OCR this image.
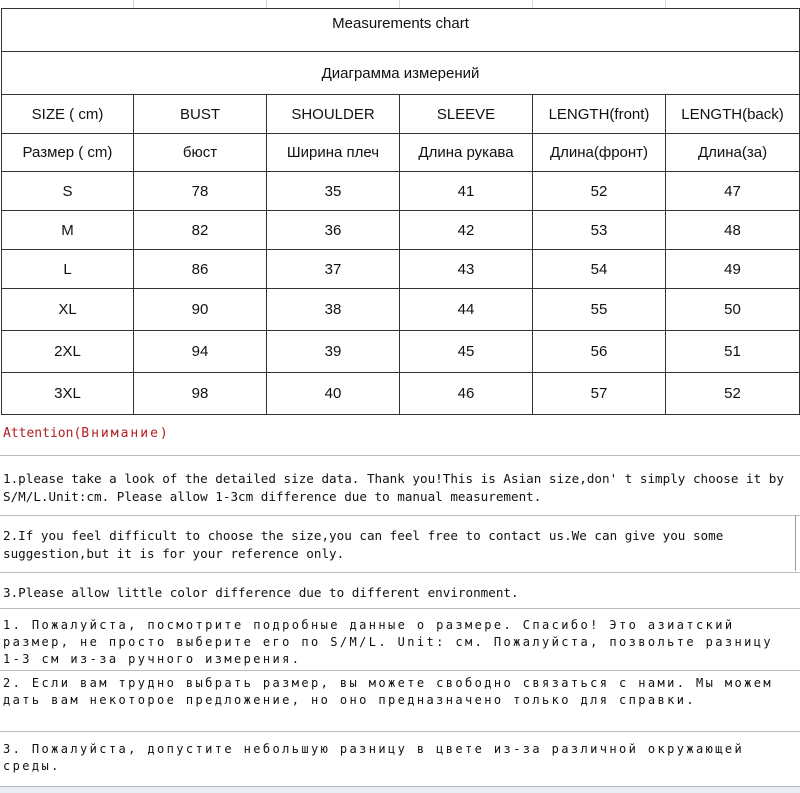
Measurements chart					
Диаграмма измерений					
SIZE ( cm)	BUST	SHOULDER	SLEEVE	LENGTH(front)	LENGTH(back)
Размер ( cm)	бюст	Ширина плеч	Длина рукава	Длина(фронт)	Длина(за)
S	78	35	41	52	47
M	82	36	42	53	48
L	86	37	43	54	49
XL	90	38	44	55	50
2XL	94	39	45	56	51
3XL	98	40	46	57	52
Attention(Внимание)
1.please take a look of the detailed size data. Thank you!This is Asian size,don' t simply choose it by S/M/L.Unit:cm. Please allow 1-3cm difference due to manual measurement.
2.If you feel difficult to choose the size,you can feel free to contact us.We can give you some suggestion,but it is for your reference only.
3.Please allow little color difference due to different environment.
1. Пожалуйста, посмотрите подробные данные о размере. Спасибо! Это азиатский размер, не просто выберите его по S/M/L. Unit: см. Пожалуйста, позвольте разницу 1-3 см из-за ручного измерения.
2. Если вам трудно выбрать размер, вы можете свободно связаться с нами. Мы можем дать вам некоторое предложение, но оно предназначено только для справки.
3. Пожалуйста, допустите небольшую разницу в цвете из-за различной окружающей среды.
